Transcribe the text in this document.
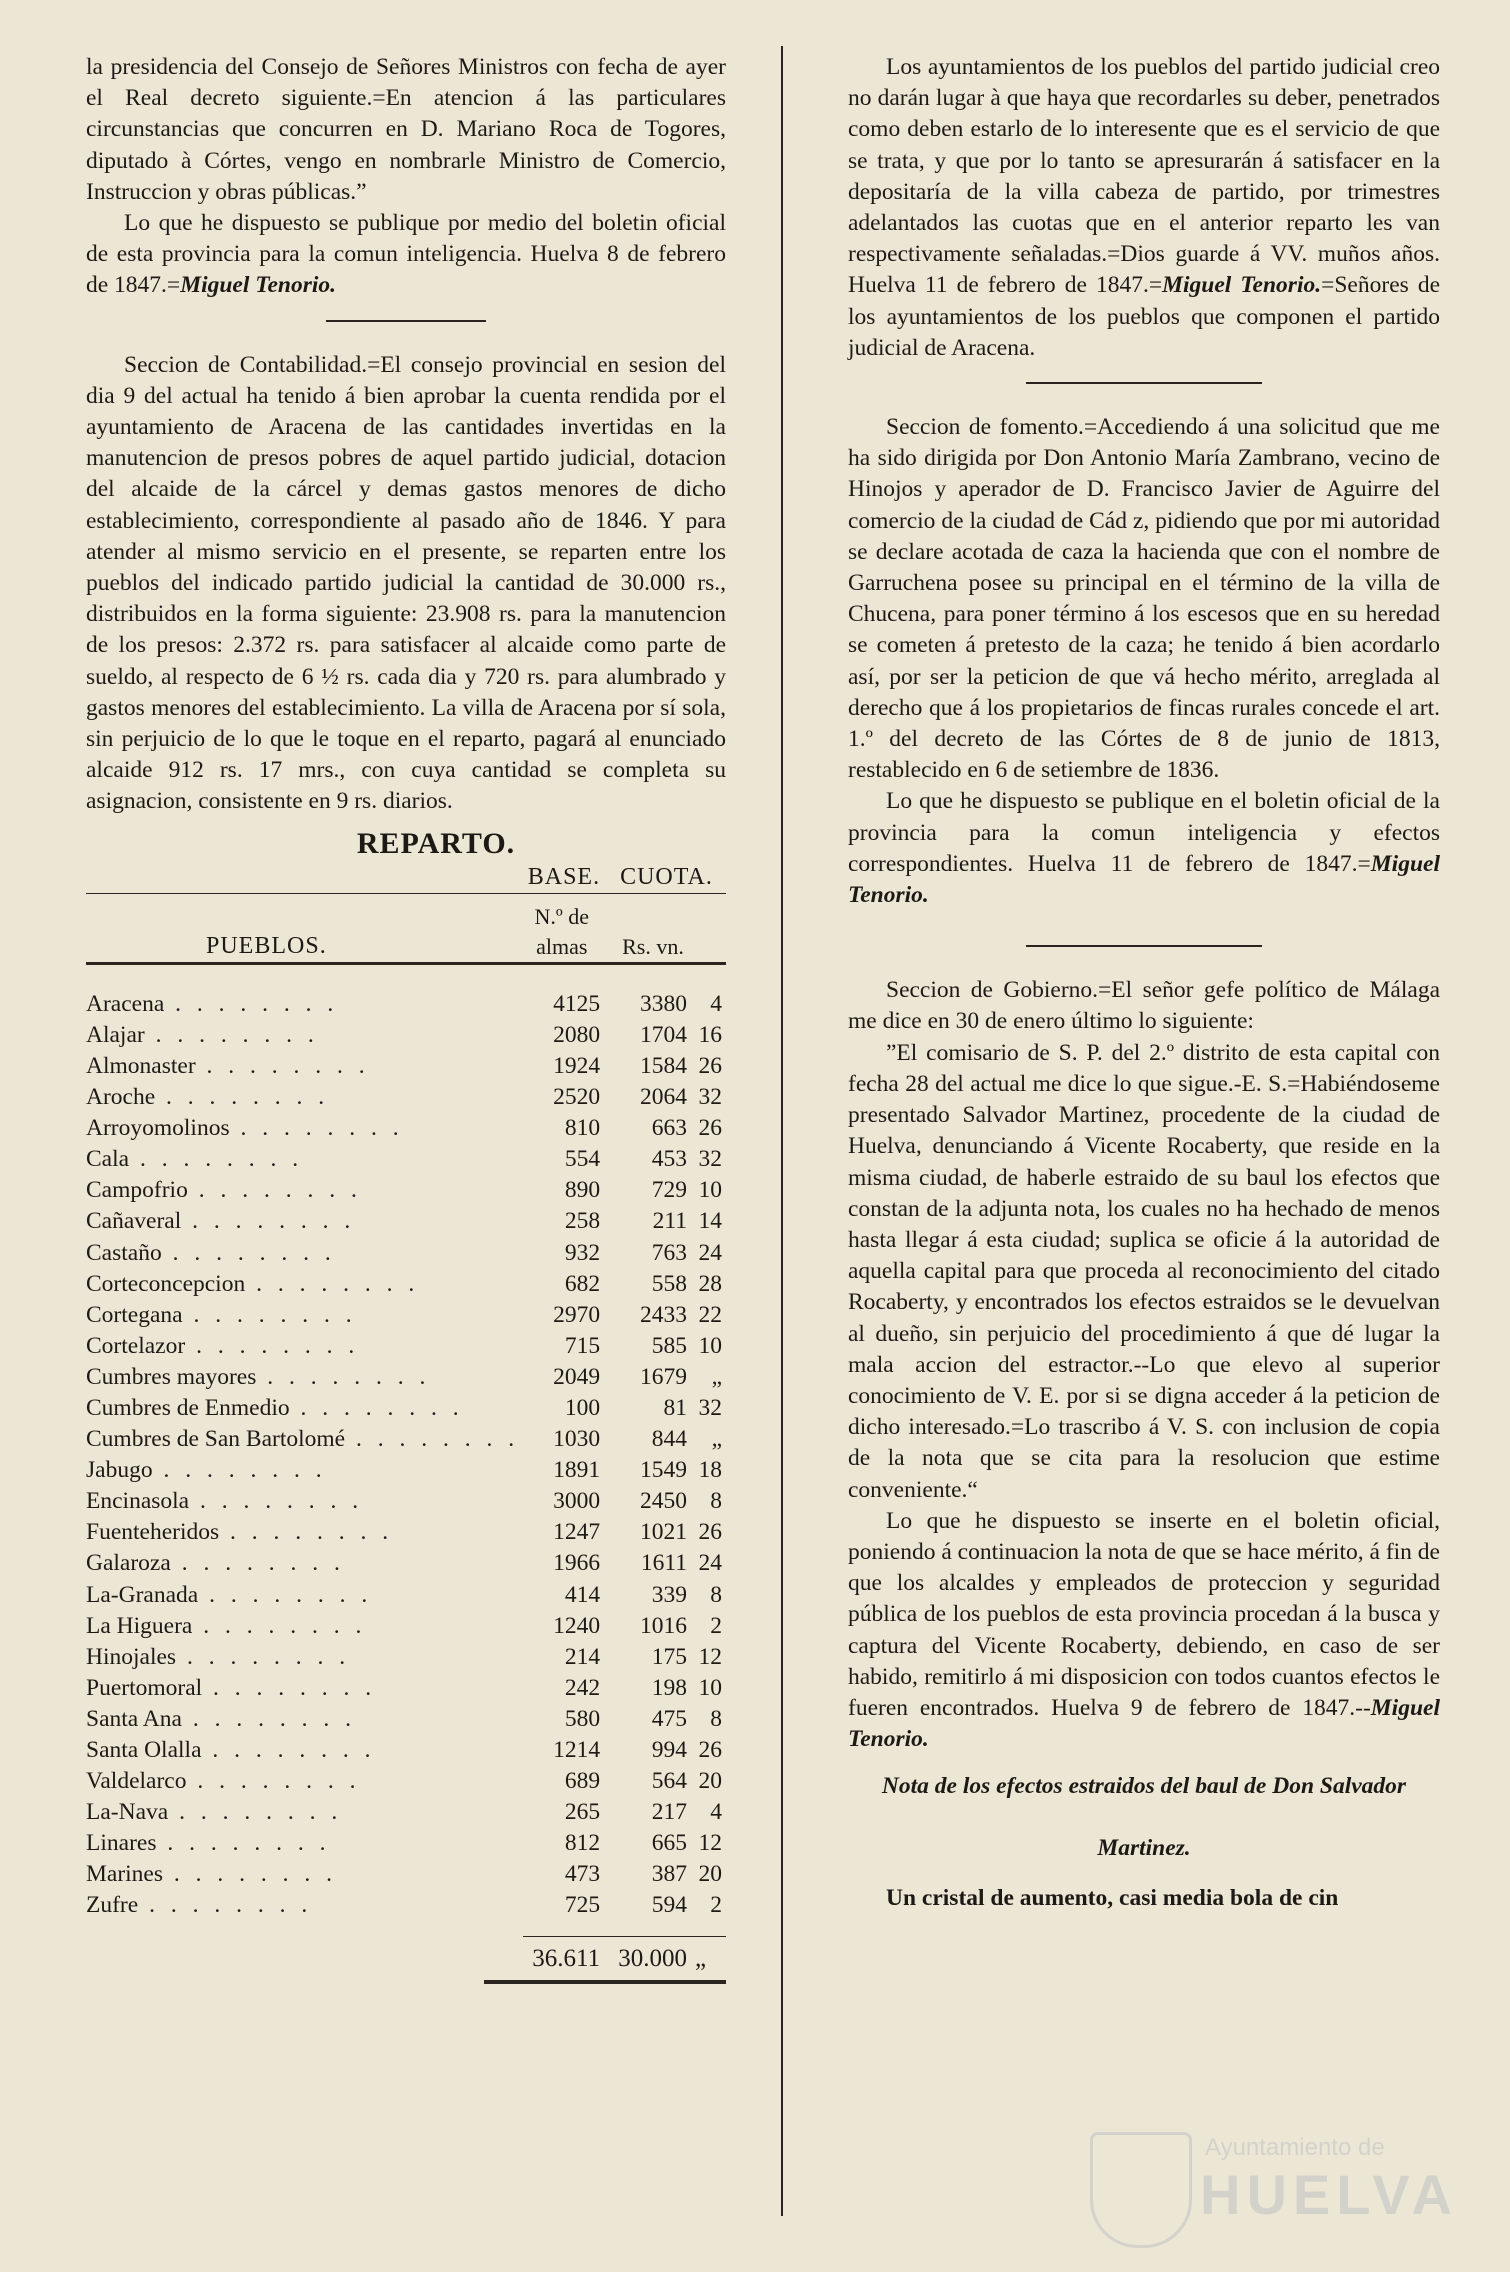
la presidencia del Consejo de Señores Ministros con fecha de ayer el Real decreto siguiente.=En atencion á las particulares circunstancias que concurren en D. Mariano Roca de Togores, diputado à Córtes, vengo en nombrarle Ministro de Comercio, Instruccion y obras públicas.”

Lo que he dispuesto se publique por medio del boletin oficial de esta provincia para la comun inteligencia. Huelva 8 de febrero de 1847.=Miguel Tenorio.

Seccion de Contabilidad.=El consejo provincial en sesion del dia 9 del actual ha tenido á bien aprobar la cuenta rendida por el ayuntamiento de Aracena de las cantidades invertidas en la manutencion de presos pobres de aquel partido judicial, dotacion del alcaide de la cárcel y demas gastos menores de dicho establecimiento, correspondiente al pasado año de 1846. Y para atender al mismo servicio en el presente, se reparten entre los pueblos del indicado partido judicial la cantidad de 30.000 rs., distribuidos en la forma siguiente: 23.908 rs. para la manutencion de los presos: 2.372 rs. para satisfacer al alcaide como parte de sueldo, al respecto de 6 ½ rs. cada dia y 720 rs. para alumbrado y gastos menores del establecimiento. La villa de Aracena por sí sola, sin perjuicio de lo que le toque en el reparto, pagará al enunciado alcaide 912 rs. 17 mrs., con cuya cantidad se completa su asignacion, consistente en 9 rs. diarios.

REPARTO.
	BASE.	CUOTA.	

PUEBLOS.	N.º de almas	Rs. vn.	

Aracena . . . . . . . .	4125	3380	4
Alajar . . . . . . . .	2080	1704	16
Almonaster . . . . . . . .	1924	1584	26
Aroche . . . . . . . .	2520	2064	32
Arroyomolinos . . . . . . . .	810	663	26
Cala . . . . . . . .	554	453	32
Campofrio . . . . . . . .	890	729	10
Cañaveral . . . . . . . .	258	211	14
Castaño . . . . . . . .	932	763	24
Corteconcepcion . . . . . . . .	682	558	28
Cortegana . . . . . . . .	2970	2433	22
Cortelazor . . . . . . . .	715	585	10
Cumbres mayores . . . . . . . .	2049	1679	„
Cumbres de Enmedio . . . . . . . .	100	81	32
Cumbres de San Bartolomé . . . . . . . .	1030	844	„
Jabugo . . . . . . . .	1891	1549	18
Encinasola . . . . . . . .	3000	2450	8
Fuenteheridos . . . . . . . .	1247	1021	26
Galaroza . . . . . . . .	1966	1611	24
La-Granada . . . . . . . .	414	339	8
La Higuera . . . . . . . .	1240	1016	2
Hinojales . . . . . . . .	214	175	12
Puertomoral . . . . . . . .	242	198	10
Santa Ana . . . . . . . .	580	475	8
Santa Olalla . . . . . . . .	1214	994	26
Valdelarco . . . . . . . .	689	564	20
La-Nava . . . . . . . .	265	217	4
Linares . . . . . . . .	812	665	12
Marines . . . . . . . .	473	387	20
Zufre . . . . . . . .	725	594	2

	36.611	30.000	„

Los ayuntamientos de los pueblos del partido judicial creo no darán lugar à que haya que recordarles su deber, penetrados como deben estarlo de lo interesente que es el servicio de que se trata, y que por lo tanto se apresurarán á satisfacer en la depositaría de la villa cabeza de partido, por trimestres adelantados las cuotas que en el anterior reparto les van respectivamente señaladas.=Dios guarde á VV. muños años. Huelva 11 de febrero de 1847.=Miguel Tenorio.=Señores de los ayuntamientos de los pueblos que componen el partido judicial de Aracena.

Seccion de fomento.=Accediendo á una solicitud que me ha sido dirigida por Don Antonio María Zambrano, vecino de Hinojos y aperador de D. Francisco Javier de Aguirre del comercio de la ciudad de Cád z, pidiendo que por mi autoridad se declare acotada de caza la hacienda que con el nombre de Garruchena posee su principal en el término de la villa de Chucena, para poner término á los escesos que en su heredad se cometen á pretesto de la caza; he tenido á bien acordarlo así, por ser la peticion de que vá hecho mérito, arreglada al derecho que á los propietarios de fincas rurales concede el art. 1.º del decreto de las Córtes de 8 de junio de 1813, restablecido en 6 de setiembre de 1836.

Lo que he dispuesto se publique en el boletin oficial de la provincia para la comun inteligencia y efectos correspondientes. Huelva 11 de febrero de 1847.=Miguel Tenorio.

Seccion de Gobierno.=El señor gefe político de Málaga me dice en 30 de enero último lo siguiente:

”El comisario de S. P. del 2.º distrito de esta capital con fecha 28 del actual me dice lo que sigue.-E. S.=Habiéndoseme presentado Salvador Martinez, procedente de la ciudad de Huelva, denunciando á Vicente Rocaberty, que reside en la misma ciudad, de haberle estraido de su baul los efectos que constan de la adjunta nota, los cuales no ha hechado de menos hasta llegar á esta ciudad; suplica se oficie á la autoridad de aquella capital para que proceda al reconocimiento del citado Rocaberty, y encontrados los efectos estraidos se le devuelvan al dueño, sin perjuicio del procedimiento á que dé lugar la mala accion del estractor.--Lo que elevo al superior conocimiento de V. E. por si se digna acceder á la peticion de dicho interesado.=Lo trascribo á V. S. con inclusion de copia de la nota que se cita para la resolucion que estime conveniente.“

Lo que he dispuesto se inserte en el boletin oficial, poniendo á continuacion la nota de que se hace mérito, á fin de que los alcaldes y empleados de proteccion y seguridad pública de los pueblos de esta provincia procedan á la busca y captura del Vicente Rocaberty, debiendo, en caso de ser habido, remitirlo á mi disposicion con todos cuantos efectos le fueren encontrados. Huelva 9 de febrero de 1847.--Miguel Tenorio.

Nota de los efectos estraidos del baul de Don Salvador Martinez.

Un cristal de aumento, casi media bola de cin

Ayuntamiento de
HUELVA
